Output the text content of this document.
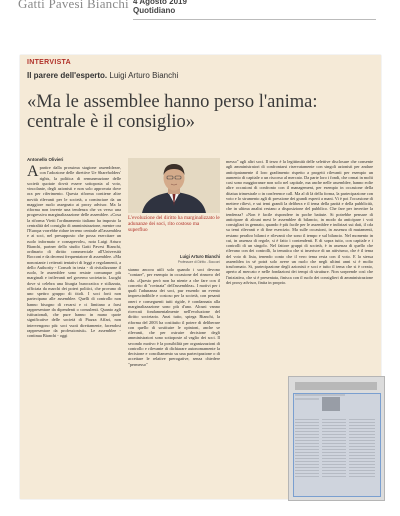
Gatti Pavesi Bianchi 4 Agosto 2019
Quotidiano
INTERVISTA
Il parere dell'esperto. Luigi Arturo Bianchi
«Ma le assemblee hanno perso l'anima: centrale è il consiglio»
Antonello Olivieri

Apartire dalla prossima stagione assembleare, con l'adozione delle direttive Ue Shareholders' rights, la politica di remunerazione delle società quotate dovrà essere sottoposta al voto, vincolante, degli azionisti e non solo approvata dove ora per riferimento. Questa riforma contiene altre novità rilevanti per le società, a cominciare da un maggiore ruolo assegnato ai proxy advisor. Ma la riforma non inverte una tendenza che va verso una progressiva marginalizzazione delle assemblee. «Cosa la riforma Vietti l'ordinamento italiano ha imposto la centralità del consiglio di amministrazione, mentre ora l'Europa vorrebbe ridare terreno centrale all'assemblea e ai soci, nel presupposto che possa esercitare un ruolo informato e consapevole», nota Luigi Arturo Bianchi, partner dello studio Gatti Pavesi Bianchi, ordinario di diritto commerciale all'Università Bocconi e da decenni frequentatore di assemblee. «Ma nonostante i reiterati tentativi di leggi e regolamenti, a dello Authority - Consob in testa - di rivitalizzarne il ruolo, le assemblee sono restate comunque più marginali e irrilevanti nel governo societario. Luoghi dove si celebra una liturgia burocratica e stilizzata, officiata da marchi dei poteri politici, che provano di uno spettro gruppo di titoli. I soci forti non partecipano alle assemblee. Quelli di controllo non hanno bisogno di recarsi e ci limitano a farsi rappresentare da dipendenti o consulenti. Quanto agli istituzionali, che pure hanno in mano quote significative delle società di Piazza Affari, non intervengono più: soci vuoti direttamente, facendosi rappresentare da professionisti». Le assemblee - continua Bianchi - oggi

L'evoluzione del diritto ha marginalizzato le adunanze dei soci, rito costoso ma superfluo
Luigi Arturo Bianchi
Professore di Diritto - Bocconi

stanno ancora utili solo quando i soci devono "contare", per esempio in occasione del rinnovo del cda. «Questo però non ha niente a che fare con il concetto di "rovinata" dell'assemblea». I motivi per i quali l'adunanza dei soci, pur essendo un evento imprescindibile e costoso per la società, con pesanti oneri e conseguenti tutti rigide, è condannata alla marginalizzazione sono più d'uno. Alcuni vanno ricercati fondamentalmente nell'evoluzione del diritto societario. Anzi tutto, spiega Bianchi, la riforma del 2003 ha costituito il potere di deliberare con quello di sostituire le opinioni, anche se rilevanti, che per ostruire decisione degli amministratori sono sottoposte al vaglio dei soci. Il secondo motivo è la possibilità per organizzazioni di controllo e rilevante di dichiarare autonomamente la decisione e conciliamento su una partecipazione o di accettare le relative prerogative, senza chiedere "permesso"

messo" agli altri soci. Il terzo è la legittimità delle selettive disclosure che consente agli amministratori di confrontarsi riservatamente con singoli azionisti per andare anticipatamente il loro gradimento rispetto a progetti rilevanti per esempio un aumento di capitale o un riscorso al mercato. Da parte loro i fondi, che ormai in molti casi sono maggioranze non solo nel capitale, ma anche nelle assemblee, hanno eolte altre occasioni di confronto con il management, per esempio in occasione della ditatua trimestrale o in conference call. Ma al di là della forma, la partecipazione con voto e lo strumento agli di pressione dei grandi esperti a mani. Vi è poi l'occasione di mettere rilievi, e sui temi grandi la delibera e il tema della parità e della pubblicità, che in ultima analisi restano a disposizione del pubblico. Che fare per invertire la tendenza? «Non è facile rispondere in poche battute. Si potrebbe pensare di anticipare di alcuni mesi le assemblee di bilancio, in modo da anticipare i voti consigliari in gennaio, quando è più facile per le assemblee e indirizzi sui dati, il cda su temi rilevanti e di fine esercizio. Ma sulle occasioni, in assenza di mutamenti, restano peraltro bilanci e rilevanti che sono il tempo e sul bilancio. Nel momento in cui, in assenza di regole, si è fatto i contendenti. E di sopra tutto, con capitale e i controlli di un singolo. Nel fattore gruppi di società, è in assenza di quello che rilevano con dei controlli, la tematica che si inserisce di un attivismo, che è il tema del voto di lista, tenendo conto che il vero tema resta con il voto. E la stessa assemblea in sé potrà solo avere un ruolo che negli ultimi anni si è molto trasformato. Si, partecipazione degli azionisti e soci e tutto il tema che si è creato, aperto al mercato e nelle fondazioni dei tempi di strutture. Non sorprende così che l'iniziativa, che si è presentata, finisca con il ruolo dei consiglieri di amministrazione dei proxy advisor, finita in proprio.
